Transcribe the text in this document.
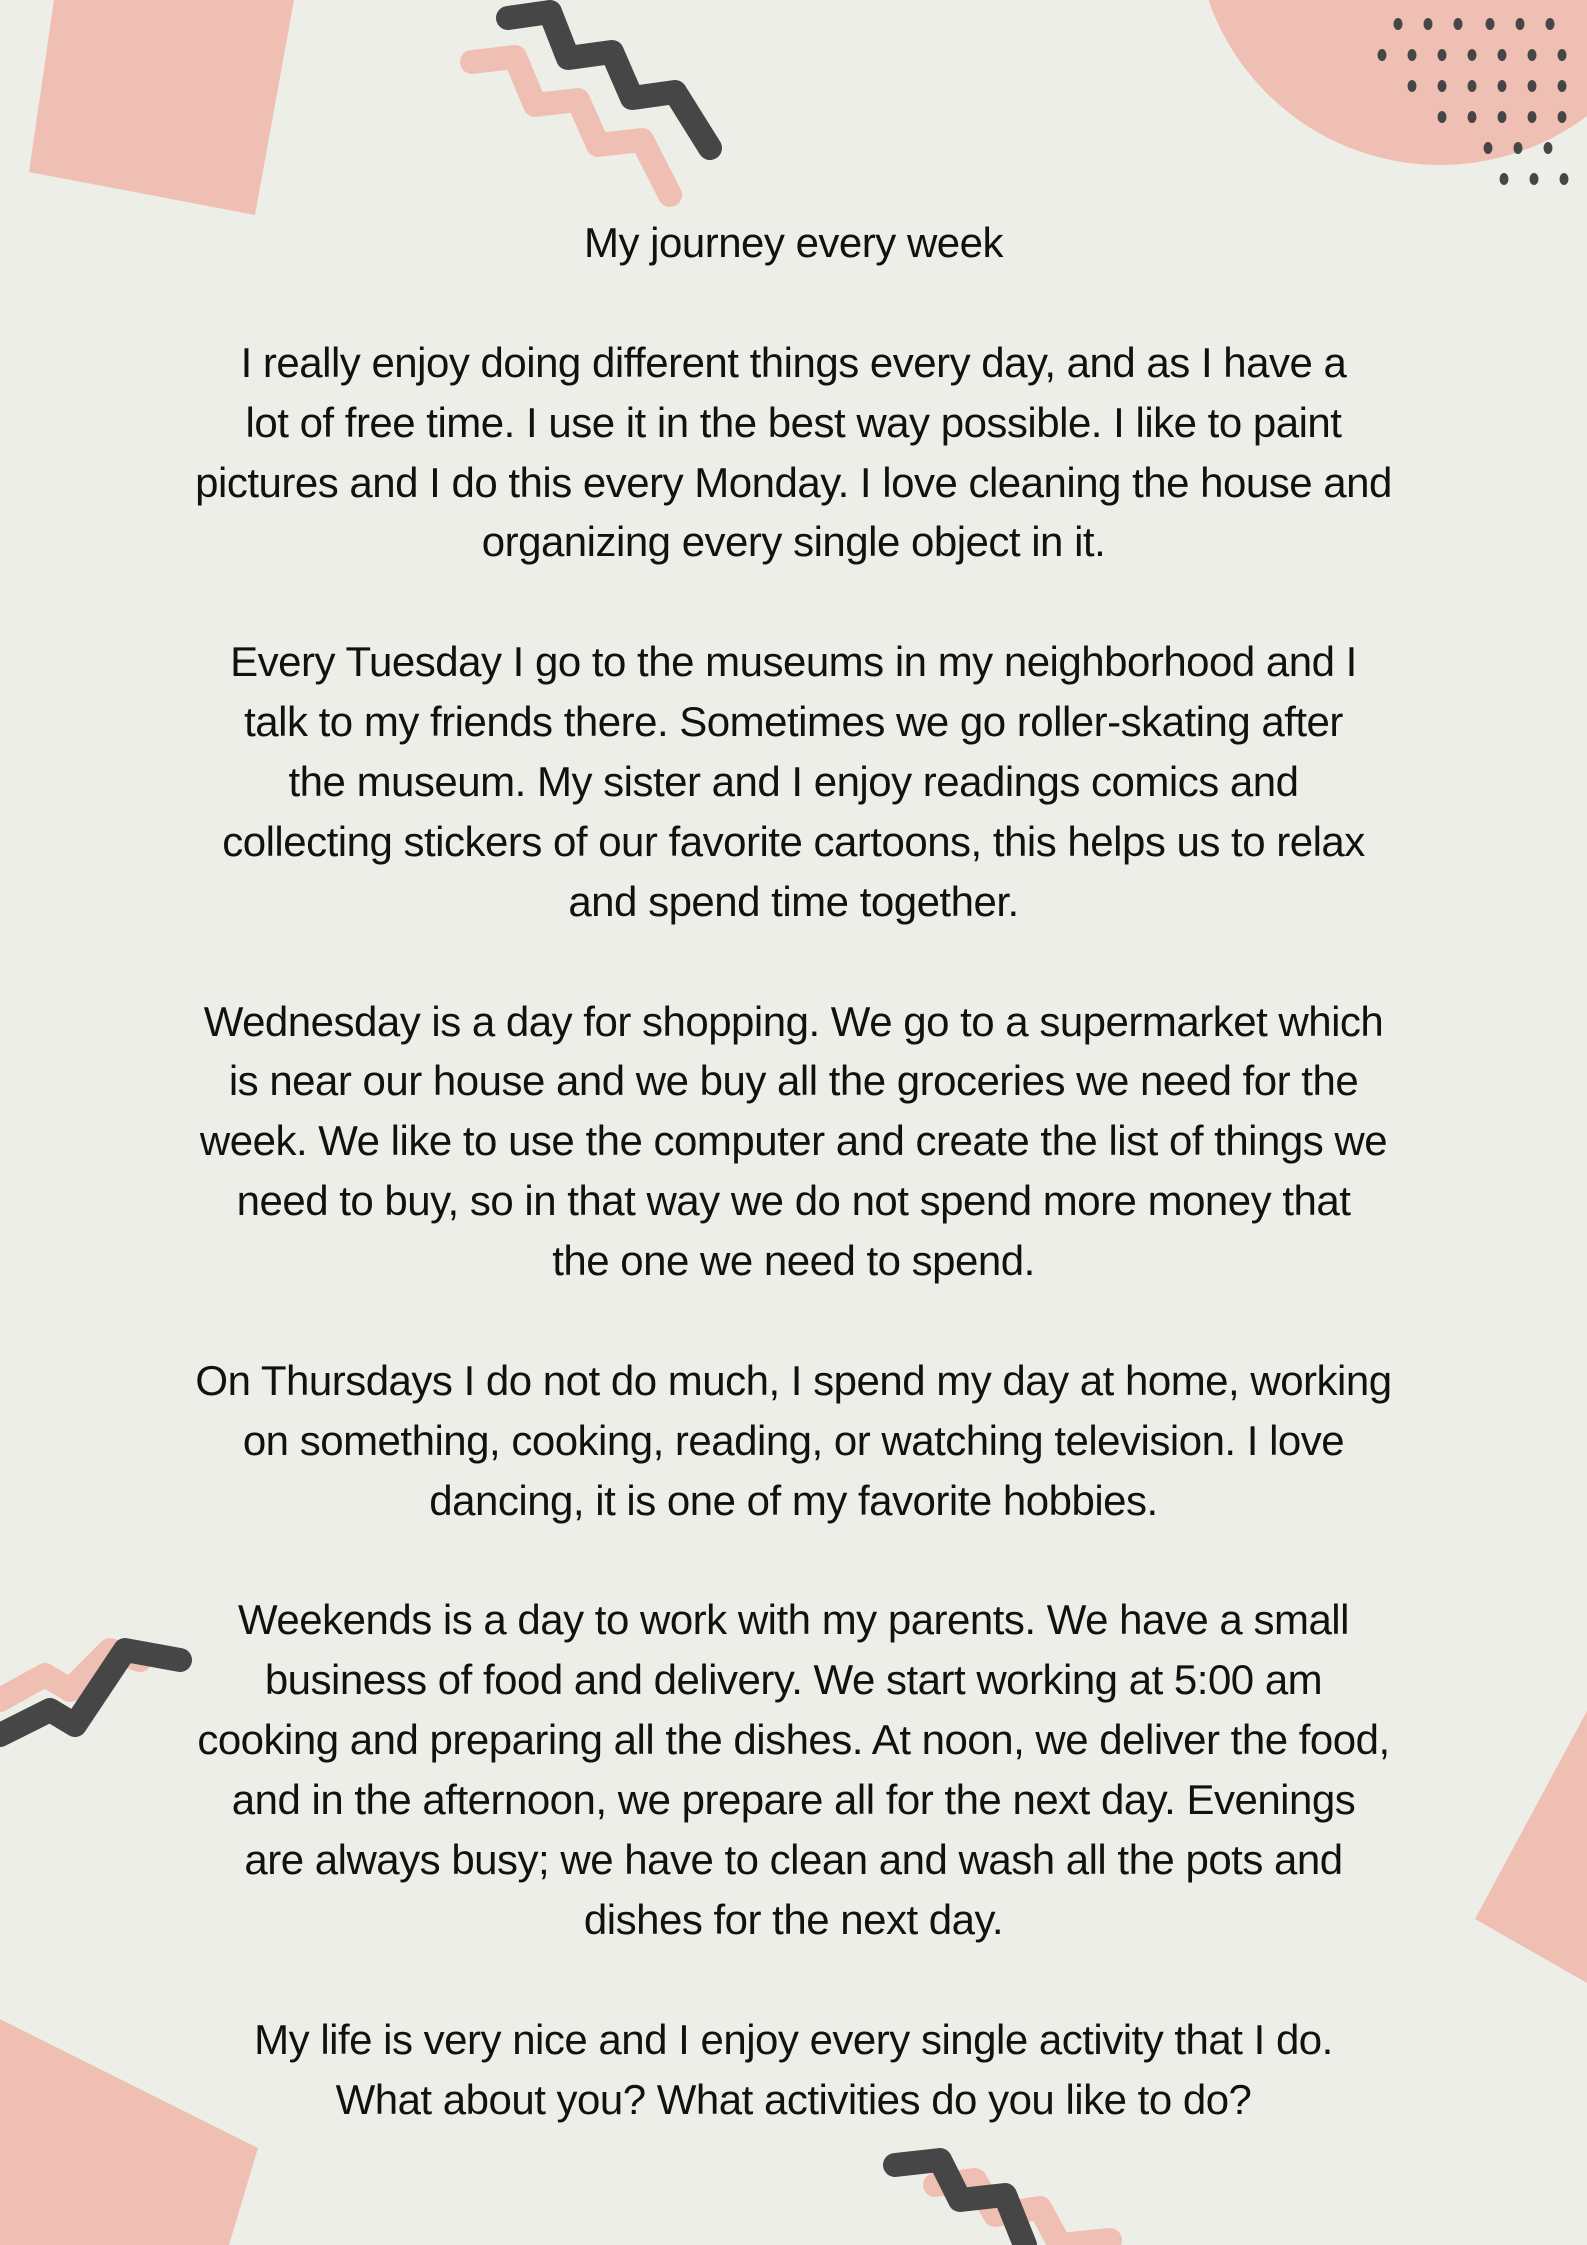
My journey every week
I really enjoy doing different things every day, and as I have a
lot of free time. I use it in the best way possible. I like to paint
pictures and I do this every Monday. I love cleaning the house and
organizing every single object in it.
Every Tuesday I go to the museums in my neighborhood and I
talk to my friends there. Sometimes we go roller-skating after
the museum. My sister and I enjoy readings comics and
collecting stickers of our favorite cartoons, this helps us to relax
and spend time together.
Wednesday is a day for shopping. We go to a supermarket which
is near our house and we buy all the groceries we need for the
week. We like to use the computer and create the list of things we
need to buy, so in that way we do not spend more money that
the one we need to spend.
On Thursdays I do not do much, I spend my day at home, working
on something, cooking, reading, or watching television. I love
dancing, it is one of my favorite hobbies.
Weekends is a day to work with my parents. We have a small
business of food and delivery. We start working at 5:00 am
cooking and preparing all the dishes. At noon, we deliver the food,
and in the afternoon, we prepare all for the next day. Evenings
are always busy; we have to clean and wash all the pots and
dishes for the next day.
My life is very nice and I enjoy every single activity that I do.
What about you? What activities do you like to do?
